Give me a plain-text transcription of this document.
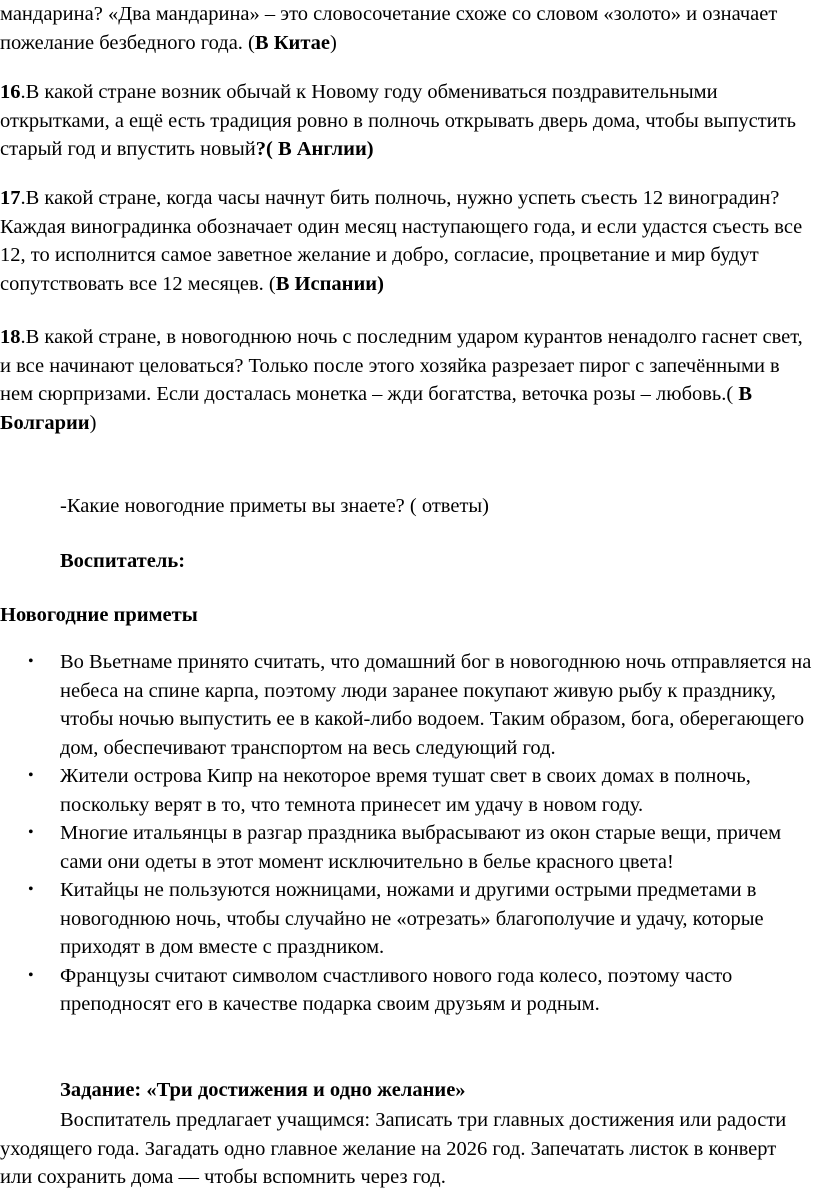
мандарина? «Два мандарина» – это словосочетание схоже со словом «золото» и означает пожелание безбедного года. (В Китае)

16.В какой стране возник обычай к Новому году обмениваться поздравительными открытками, а ещё есть традиция ровно в полночь открывать дверь дома, чтобы выпустить старый год и впустить новый?( В Англии)

17.В какой стране, когда часы начнут бить полночь, нужно успеть съесть 12 виноградин? Каждая виноградинка обозначает один месяц наступающего года, и если удастся съесть все 12, то исполнится самое заветное желание и добро, согласие, процветание и мир будут сопутствовать все 12 месяцев. (В Испании)

18.В какой стране, в новогоднюю ночь с последним ударом курантов ненадолго гаснет свет, и все начинают целоваться? Только после этого хозяйка разрезает пирог с запечёнными в нем сюрпризами. Если досталась монетка – жди богатства, веточка розы – любовь.( В Болгарии)

-Какие новогодние приметы вы знаете? ( ответы)

Воспитатель:

Новогодние приметы

• Во Вьетнаме принято считать, что домашний бог в новогоднюю ночь отправляется на небеса на спине карпа, поэтому люди заранее покупают живую рыбу к празднику, чтобы ночью выпустить ее в какой-либо водоем. Таким образом, бога, оберегающего дом, обеспечивают транспортом на весь следующий год.
• Жители острова Кипр на некоторое время тушат свет в своих домах в полночь, поскольку верят в то, что темнота принесет им удачу в новом году.
• Многие итальянцы в разгар праздника выбрасывают из окон старые вещи, причем сами они одеты в этот момент исключительно в белье красного цвета!
• Китайцы не пользуются ножницами, ножами и другими острыми предметами в новогоднюю ночь, чтобы случайно не «отрезать» благополучие и удачу, которые приходят в дом вместе с праздником.
• Французы считают символом счастливого нового года колесо, поэтому часто преподносят его в качестве подарка своим друзьям и родным.

Задание: «Три достижения и одно желание»

Воспитатель предлагает учащимся: Записать три главных достижения или радости уходящего года. Загадать одно главное желание на 2026 год. Запечатать листок в конверт или сохранить дома — чтобы вспомнить через год.
